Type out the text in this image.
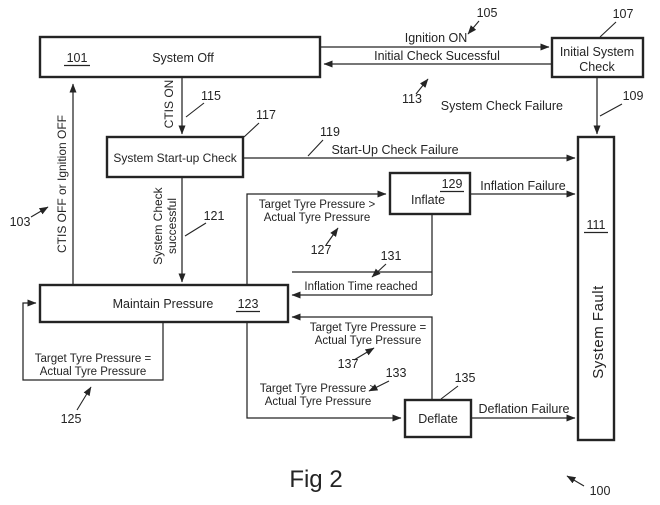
101	System Off	Initial System
Check
System Start-up Check
129
Inflate
Maintain Pressure 123
Deflate
111
System Fault
Ignition ON
Initial Check Sucessful
CTIS ON	System Check Failure
CTIS OFF or Ignition OFF	Start-Up Check Failure
System Check successful	Target Tyre Pressure >
Actual Tyre Pressure
Inflation Failure
Inflation Time reached
Target Tyre Pressure =
Actual Tyre Pressure
Target Tyre Pressure >
Actual Tyre Pressure
Target Tyre Pressure =
Actual Tyre Pressure
Deflation Failure
105	107
109
113
115
117
119
103	121
127	131
137
133	135
125
100
Fig 2
